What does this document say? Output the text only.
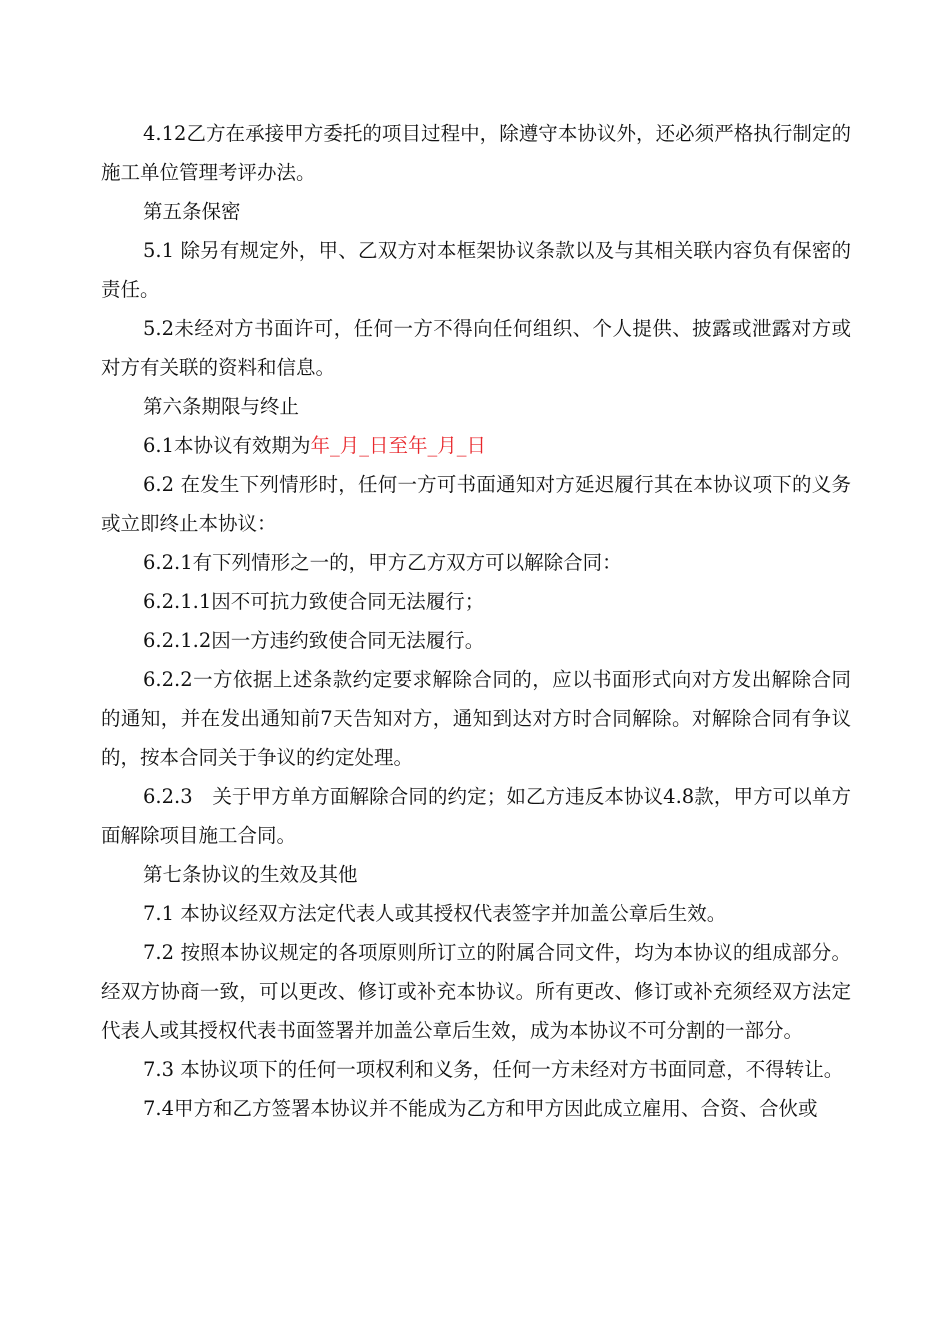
4.12乙方在承接甲方委托的项目过程中，除遵守本协议外，还必须严格执行制定的施工单位管理考评办法。

第五条保密

5.1 除另有规定外，甲、乙双方对本框架协议条款以及与其相关联内容负有保密的责任。

5.2未经对方书面许可，任何一方不得向任何组织、个人提供、披露或泄露对方或对方有关联的资料和信息。

第六条期限与终止

6.1本协议有效期为年_月_日至年_月_日

6.2 在发生下列情形时，任何一方可书面通知对方延迟履行其在本协议项下的义务或立即终止本协议：

6.2.1有下列情形之一的，甲方乙方双方可以解除合同：

6.2.1.1因不可抗力致使合同无法履行；

6.2.1.2因一方违约致使合同无法履行。

6.2.2一方依据上述条款约定要求解除合同的，应以书面形式向对方发出解除合同的通知，并在发出通知前7天告知对方，通知到达对方时合同解除。对解除合同有争议的，按本合同关于争议的约定处理。

6.2.3　关于甲方单方面解除合同的约定；如乙方违反本协议4.8款，甲方可以单方面解除项目施工合同。

第七条协议的生效及其他

7.1 本协议经双方法定代表人或其授权代表签字并加盖公章后生效。

7.2 按照本协议规定的各项原则所订立的附属合同文件，均为本协议的组成部分。经双方协商一致，可以更改、修订或补充本协议。所有更改、修订或补充须经双方法定代表人或其授权代表书面签署并加盖公章后生效，成为本协议不可分割的一部分。

7.3 本协议项下的任何一项权利和义务，任何一方未经对方书面同意，不得转让。

7.4甲方和乙方签署本协议并不能成为乙方和甲方因此成立雇用、合资、合伙或
